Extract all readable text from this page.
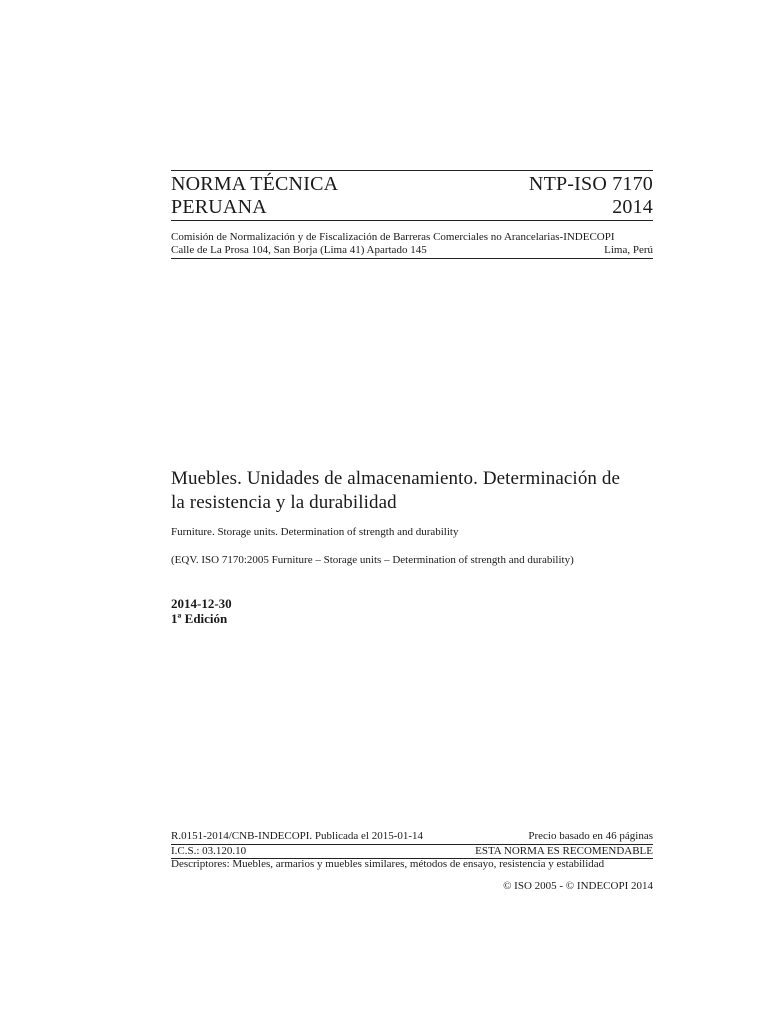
NORMA TÉCNICA	NTP-ISO 7170
PERUANA	2014
Comisión de Normalización y de Fiscalización de Barreras Comerciales no Arancelarias-INDECOPI
Calle de La Prosa 104, San Borja (Lima 41) Apartado 145	Lima, Perú
Muebles. Unidades de almacenamiento. Determinación de
la resistencia y la durabilidad
Furniture. Storage units. Determination of strength and durability
(EQV. ISO 7170:2005 Furniture – Storage units – Determination of strength and durability)
2014-12-30
1ª Edición
R.0151-2014/CNB-INDECOPI. Publicada el 2015-01-14	Precio basado en 46 páginas
I.C.S.: 03.120.10	ESTA NORMA ES RECOMENDABLE
Descriptores: Muebles, armarios y muebles similares, métodos de ensayo, resistencia y estabilidad
© ISO 2005 - © INDECOPI 2014
